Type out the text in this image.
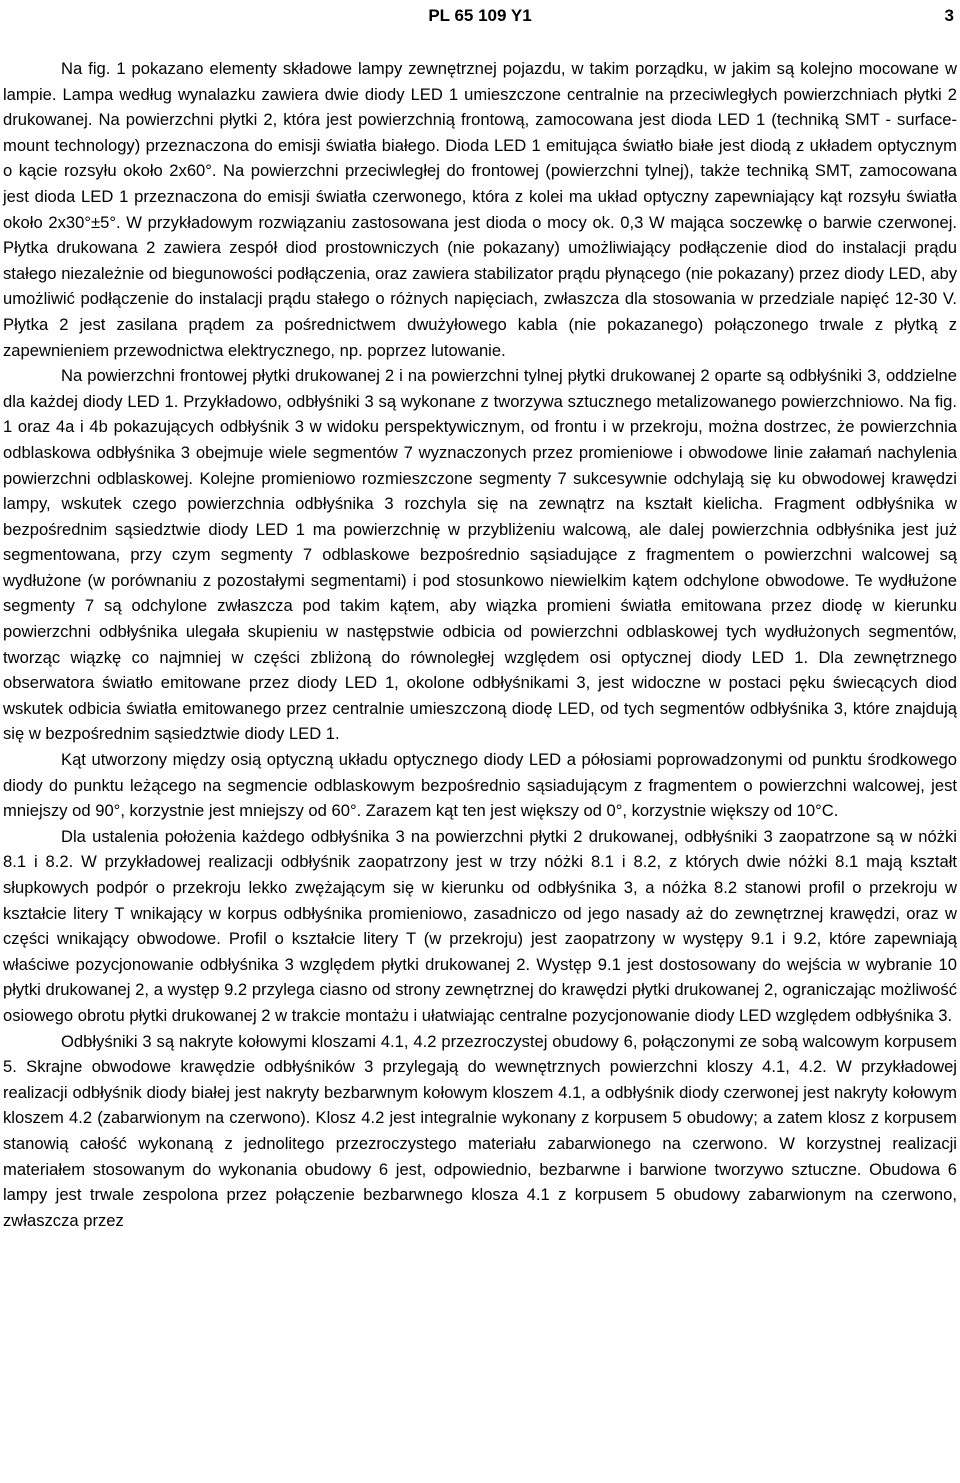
PL 65 109 Y1	3

Na fig. 1 pokazano elementy składowe lampy zewnętrznej pojazdu, w takim porządku, w jakim są kolejno mocowane w lampie. Lampa według wynalazku zawiera dwie diody LED 1 umieszczone centralnie na przeciwległych powierzchniach płytki 2 drukowanej. Na powierzchni płytki 2, która jest powierzchnią frontową, zamocowana jest dioda LED 1 (techniką SMT - surface-mount technology) przeznaczona do emisji światła białego. Dioda LED 1 emitująca światło białe jest diodą z układem optycznym o kącie rozsyłu około 2x60°. Na powierzchni przeciwległej do frontowej (powierzchni tylnej), także techniką SMT, zamocowana jest dioda LED 1 przeznaczona do emisji światła czerwonego, która z kolei ma układ optyczny zapewniający kąt rozsyłu światła około 2x30°±5°. W przykładowym rozwiązaniu zastosowana jest dioda o mocy ok. 0,3 W mająca soczewkę o barwie czerwonej. Płytka drukowana 2 zawiera zespół diod prostowniczych (nie pokazany) umożliwiający podłączenie diod do instalacji prądu stałego niezależnie od biegunowości podłączenia, oraz zawiera stabilizator prądu płynącego (nie pokazany) przez diody LED, aby umożliwić podłączenie do instalacji prądu stałego o różnych napięciach, zwłaszcza dla stosowania w przedziale napięć 12-30 V. Płytka 2 jest zasilana prądem za pośrednictwem dwużyłowego kabla (nie pokazanego) połączonego trwale z płytką z zapewnieniem przewodnictwa elektrycznego, np. poprzez lutowanie.

Na powierzchni frontowej płytki drukowanej 2 i na powierzchni tylnej płytki drukowanej 2 oparte są odbłyśniki 3, oddzielne dla każdej diody LED 1. Przykładowo, odbłyśniki 3 są wykonane z tworzywa sztucznego metalizowanego powierzchniowo. Na fig. 1 oraz 4a i 4b pokazujących odbłyśnik 3 w widoku perspektywicznym, od frontu i w przekroju, można dostrzec, że powierzchnia odblaskowa odbłyśnika 3 obejmuje wiele segmentów 7 wyznaczonych przez promieniowe i obwodowe linie załamań nachylenia powierzchni odblaskowej. Kolejne promieniowo rozmieszczone segmenty 7 sukcesywnie odchylają się ku obwodowej krawędzi lampy, wskutek czego powierzchnia odbłyśnika 3 rozchyla się na zewnątrz na kształt kielicha. Fragment odbłyśnika w bezpośrednim sąsiedztwie diody LED 1 ma powierzchnię w przybliżeniu walcową, ale dalej powierzchnia odbłyśnika jest już segmentowana, przy czym segmenty 7 odblaskowe bezpośrednio sąsiadujące z fragmentem o powierzchni walcowej są wydłużone (w porównaniu z pozostałymi segmentami) i pod stosunkowo niewielkim kątem odchylone obwodowe. Te wydłużone segmenty 7 są odchylone zwłaszcza pod takim kątem, aby wiązka promieni światła emitowana przez diodę w kierunku powierzchni odbłyśnika ulegała skupieniu w następstwie odbicia od powierzchni odblaskowej tych wydłużonych segmentów, tworząc wiązkę co najmniej w części zbliżoną do równoległej względem osi optycznej diody LED 1. Dla zewnętrznego obserwatora światło emitowane przez diody LED 1, okolone odbłyśnikami 3, jest widoczne w postaci pęku świecących diod wskutek odbicia światła emitowanego przez centralnie umieszczoną diodę LED, od tych segmentów odbłyśnika 3, które znajdują się w bezpośrednim sąsiedztwie diody LED 1.

Kąt utworzony między osią optyczną układu optycznego diody LED a półosiami poprowadzonymi od punktu środkowego diody do punktu leżącego na segmencie odblaskowym bezpośrednio sąsiadującym z fragmentem o powierzchni walcowej, jest mniejszy od 90°, korzystnie jest mniejszy od 60°. Zarazem kąt ten jest większy od 0°, korzystnie większy od 10°C.

Dla ustalenia położenia każdego odbłyśnika 3 na powierzchni płytki 2 drukowanej, odbłyśniki 3 zaopatrzone są w nóżki 8.1 i 8.2. W przykładowej realizacji odbłyśnik zaopatrzony jest w trzy nóżki 8.1 i 8.2, z których dwie nóżki 8.1 mają kształt słupkowych podpór o przekroju lekko zwężającym się w kierunku od odbłyśnika 3, a nóżka 8.2 stanowi profil o przekroju w kształcie litery T wnikający w korpus odbłyśnika promieniowo, zasadniczo od jego nasady aż do zewnętrznej krawędzi, oraz w części wnikający obwodowe. Profil o kształcie litery T (w przekroju) jest zaopatrzony w występy 9.1 i 9.2, które zapewniają właściwe pozycjonowanie odbłyśnika 3 względem płytki drukowanej 2. Występ 9.1 jest dostosowany do wejścia w wybranie 10 płytki drukowanej 2, a występ 9.2 przylega ciasno od strony zewnętrznej do krawędzi płytki drukowanej 2, ograniczając możliwość osiowego obrotu płytki drukowanej 2 w trakcie montażu i ułatwiając centralne pozycjonowanie diody LED względem odbłyśnika 3.

Odbłyśniki 3 są nakryte kołowymi kloszami 4.1, 4.2 przezroczystej obudowy 6, połączonymi ze sobą walcowym korpusem 5. Skrajne obwodowe krawędzie odbłyśników 3 przylegają do wewnętrznych powierzchni kloszy 4.1, 4.2. W przykładowej realizacji odbłyśnik diody białej jest nakryty bezbarwnym kołowym kloszem 4.1, a odbłyśnik diody czerwonej jest nakryty kołowym kloszem 4.2 (zabarwionym na czerwono). Klosz 4.2 jest integralnie wykonany z korpusem 5 obudowy; a zatem klosz z korpusem stanowią całość wykonaną z jednolitego przezroczystego materiału zabarwionego na czerwono. W korzystnej realizacji materiałem stosowanym do wykonania obudowy 6 jest, odpowiednio, bezbarwne i barwione tworzywo sztuczne. Obudowa 6 lampy jest trwale zespolona przez połączenie bezbarwnego klosza 4.1 z korpusem 5 obudowy zabarwionym na czerwono, zwłaszcza przez
